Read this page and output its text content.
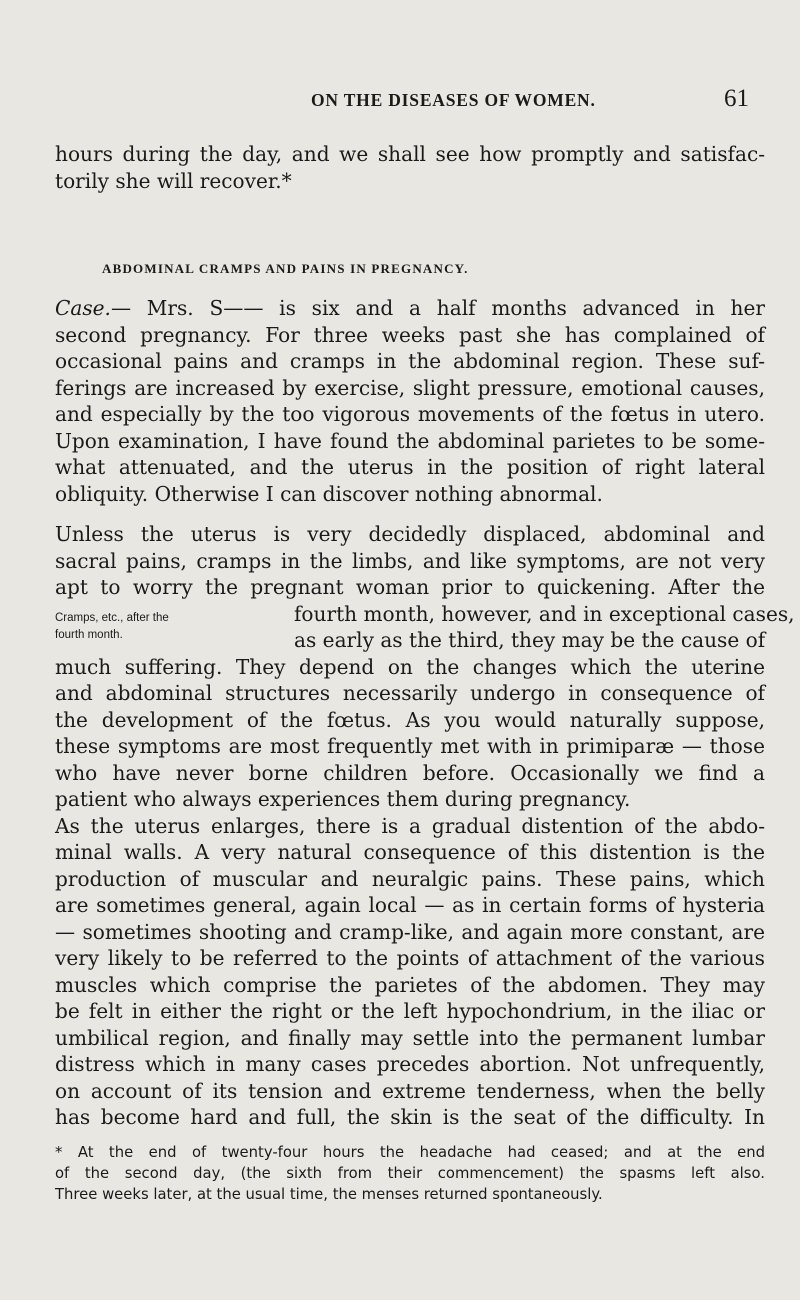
ON THE DISEASES OF WOMEN.	61
hours during the day, and we shall see how promptly and satisfac-
torily she will recover.*
ABDOMINAL CRAMPS AND PAINS IN PREGNANCY.
Case.— Mrs. S—— is six and a half months advanced in her
second pregnancy. For three weeks past she has complained of
occasional pains and cramps in the abdominal region. These suf-
ferings are increased by exercise, slight pressure, emotional causes,
and especially by the too vigorous movements of the fœtus in utero.
Upon examination, I have found the abdominal parietes to be some-
what attenuated, and the uterus in the position of right lateral
obliquity. Otherwise I can discover nothing abnormal.
Unless the uterus is very decidedly displaced, abdominal and
sacral pains, cramps in the limbs, and like symptoms, are not very
apt to worry the pregnant woman prior to quickening. After the
Cramps, etc., after the
fourth month.
fourth month, however, and in exceptional cases,
as early as the third, they may be the cause of
much suffering. They depend on the changes which the uterine
and abdominal structures necessarily undergo in consequence of
the development of the fœtus. As you would naturally suppose,
these symptoms are most frequently met with in primiparæ — those
who have never borne children before. Occasionally we find a
patient who always experiences them during pregnancy.
As the uterus enlarges, there is a gradual distention of the abdo-
minal walls. A very natural consequence of this distention is the
production of muscular and neuralgic pains. These pains, which
are sometimes general, again local — as in certain forms of hysteria
— sometimes shooting and cramp-like, and again more constant, are
very likely to be referred to the points of attachment of the various
muscles which comprise the parietes of the abdomen. They may
be felt in either the right or the left hypochondrium, in the iliac or
umbilical region, and finally may settle into the permanent lumbar
distress which in many cases precedes abortion. Not unfrequently,
on account of its tension and extreme tenderness, when the belly
has become hard and full, the skin is the seat of the difficulty. In
* At the end of twenty-four hours the headache had ceased; and at the end
of the second day, (the sixth from their commencement) the spasms left also.
Three weeks later, at the usual time, the menses returned spontaneously.
